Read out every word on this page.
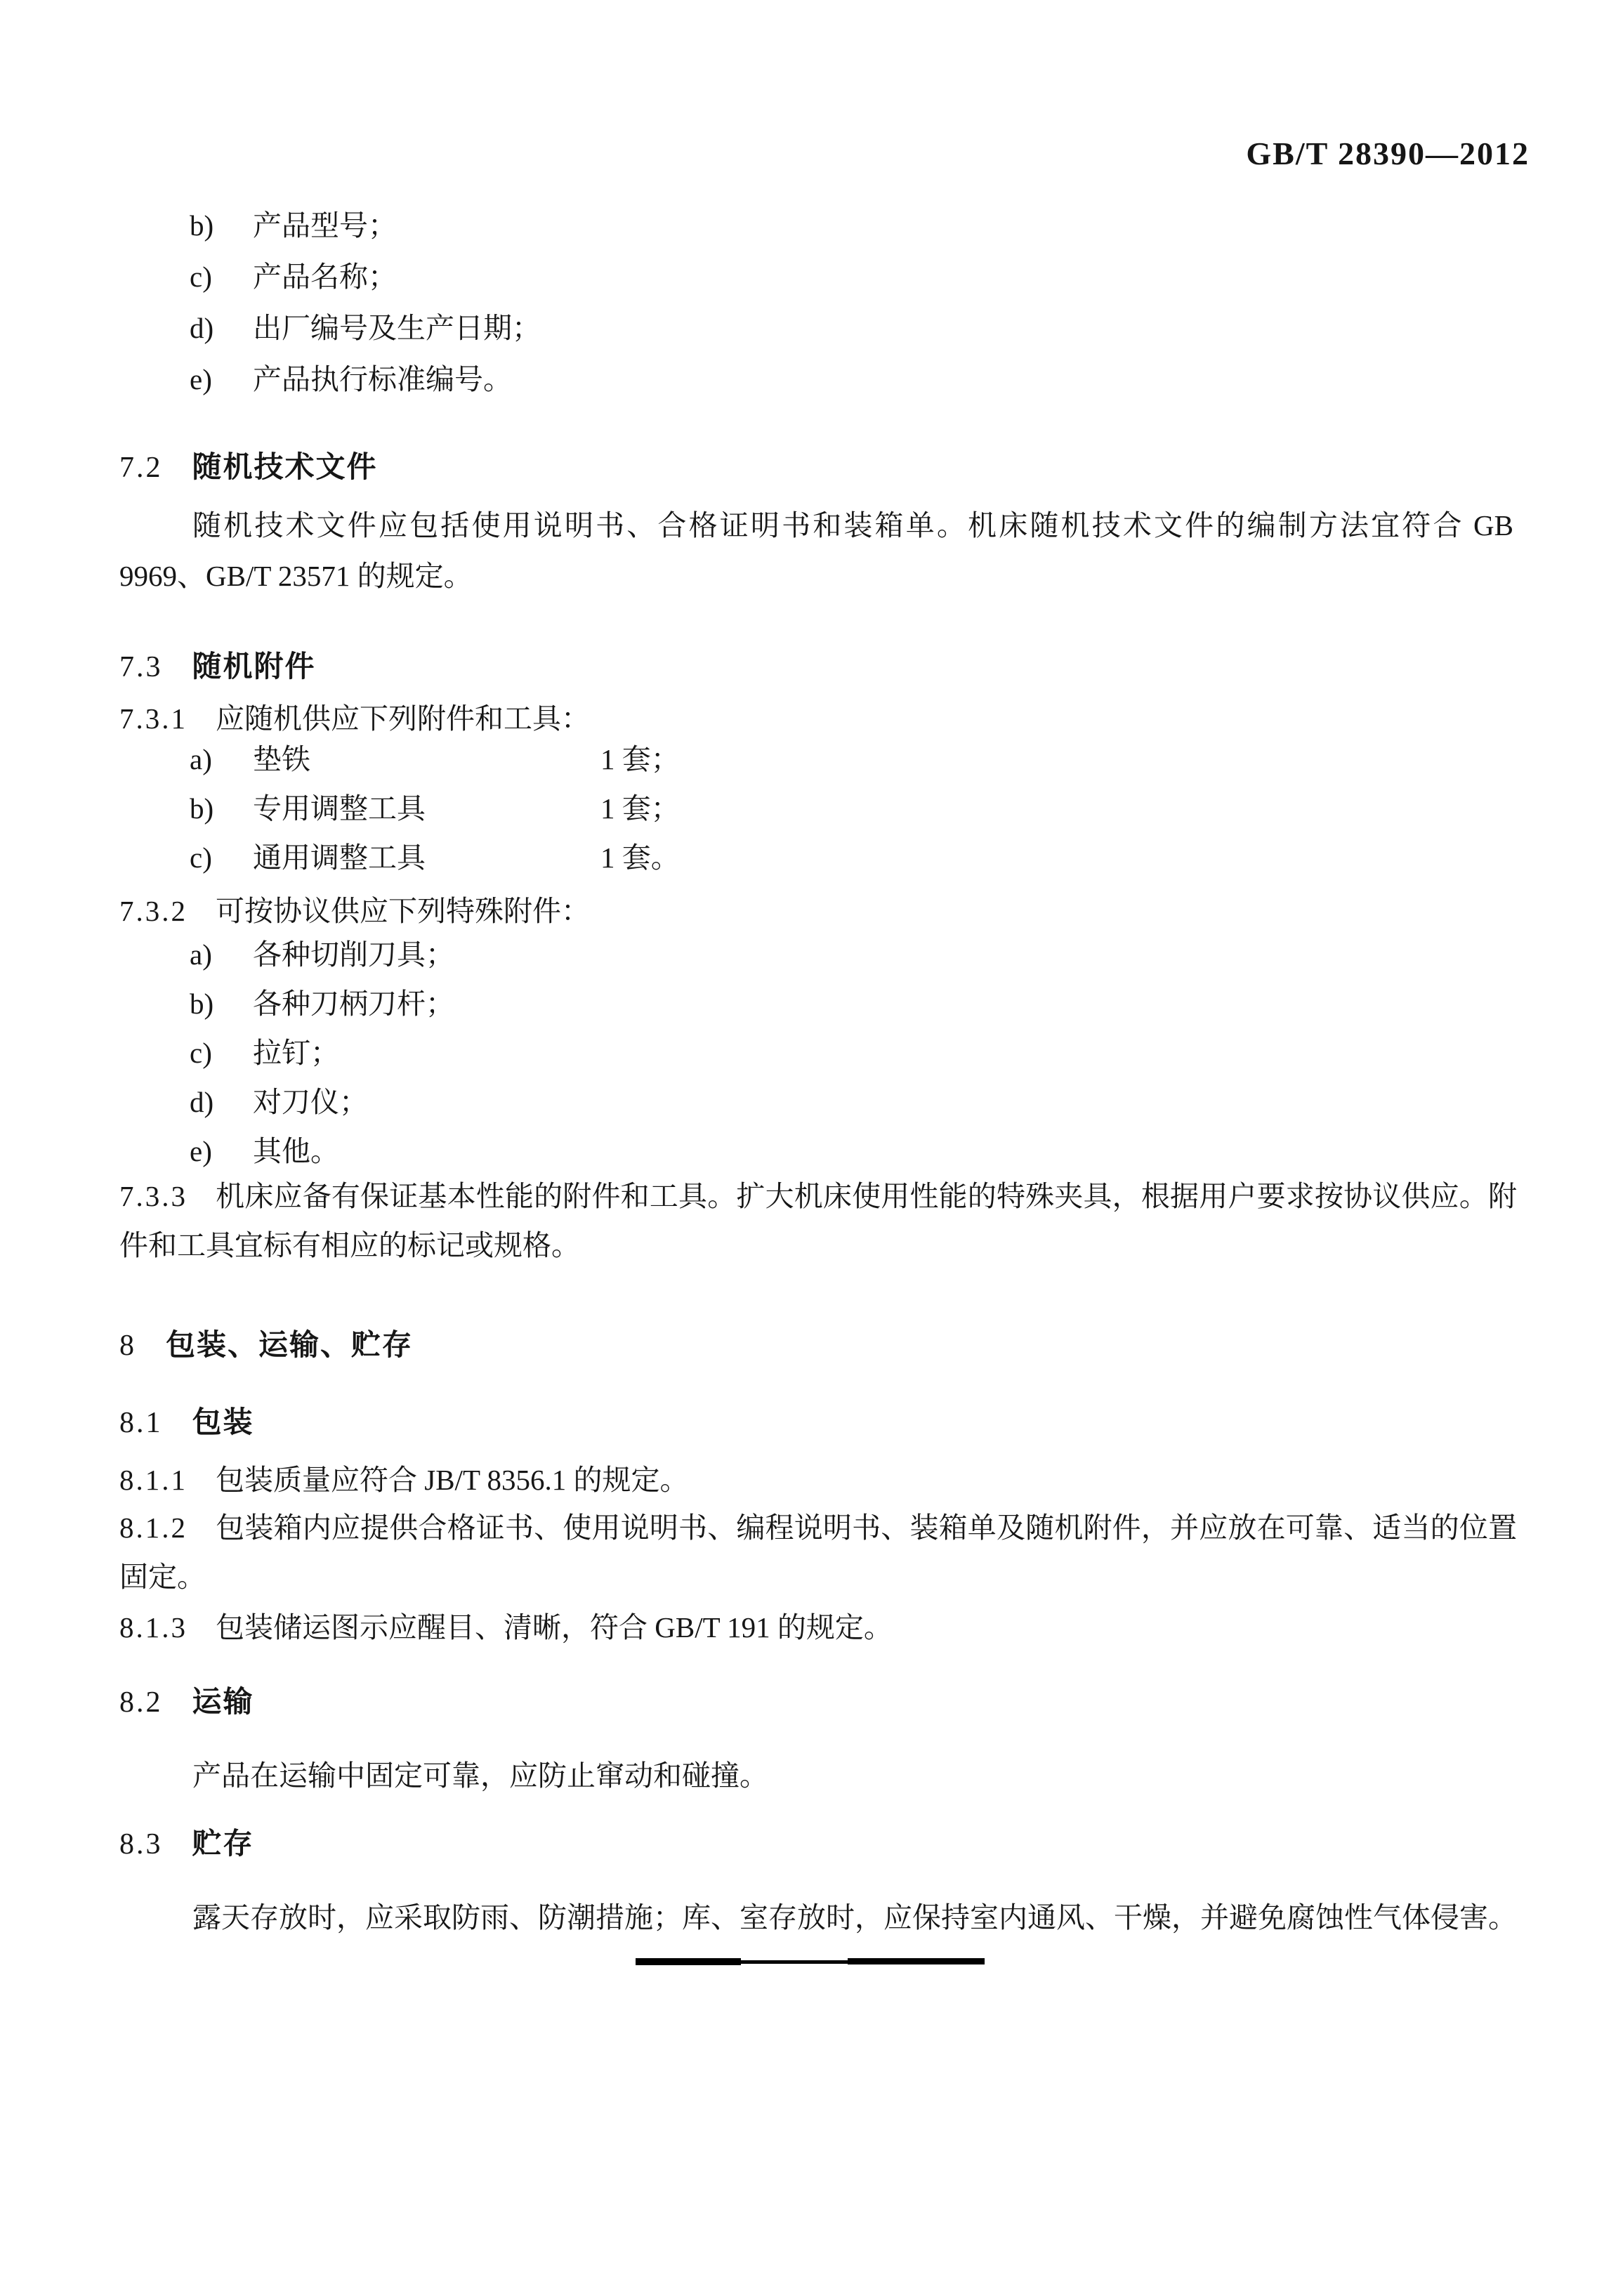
GB/T 28390—2012
b)	产品型号；
c)	产品名称；
d)	出厂编号及生产日期；
e)	产品执行标准编号。
7.2 随机技术文件
随机技术文件应包括使用说明书、合格证明书和装箱单。机床随机技术文件的编制方法宜符合 GB 9969、GB/T 23571 的规定。
7.3 随机附件
7.3.1 应随机供应下列附件和工具：
a)	垫铁	1 套；
b)	专用调整工具	1 套；
c)	通用调整工具	1 套。
7.3.2 可按协议供应下列特殊附件：
a)	各种切削刀具；
b)	各种刀柄刀杆；
c)	拉钉；
d)	对刀仪；
e)	其他。
7.3.3 机床应备有保证基本性能的附件和工具。扩大机床使用性能的特殊夹具，根据用户要求按协议供应。附件和工具宜标有相应的标记或规格。
8 包装、运输、贮存
8.1 包装
8.1.1 包装质量应符合 JB/T 8356.1 的规定。
8.1.2 包装箱内应提供合格证书、使用说明书、编程说明书、装箱单及随机附件，并应放在可靠、适当的位置固定。
8.1.3 包装储运图示应醒目、清晰，符合 GB/T 191 的规定。
8.2 运输
产品在运输中固定可靠，应防止窜动和碰撞。
8.3 贮存
露天存放时，应采取防雨、防潮措施；库、室存放时，应保持室内通风、干燥，并避免腐蚀性气体侵害。
